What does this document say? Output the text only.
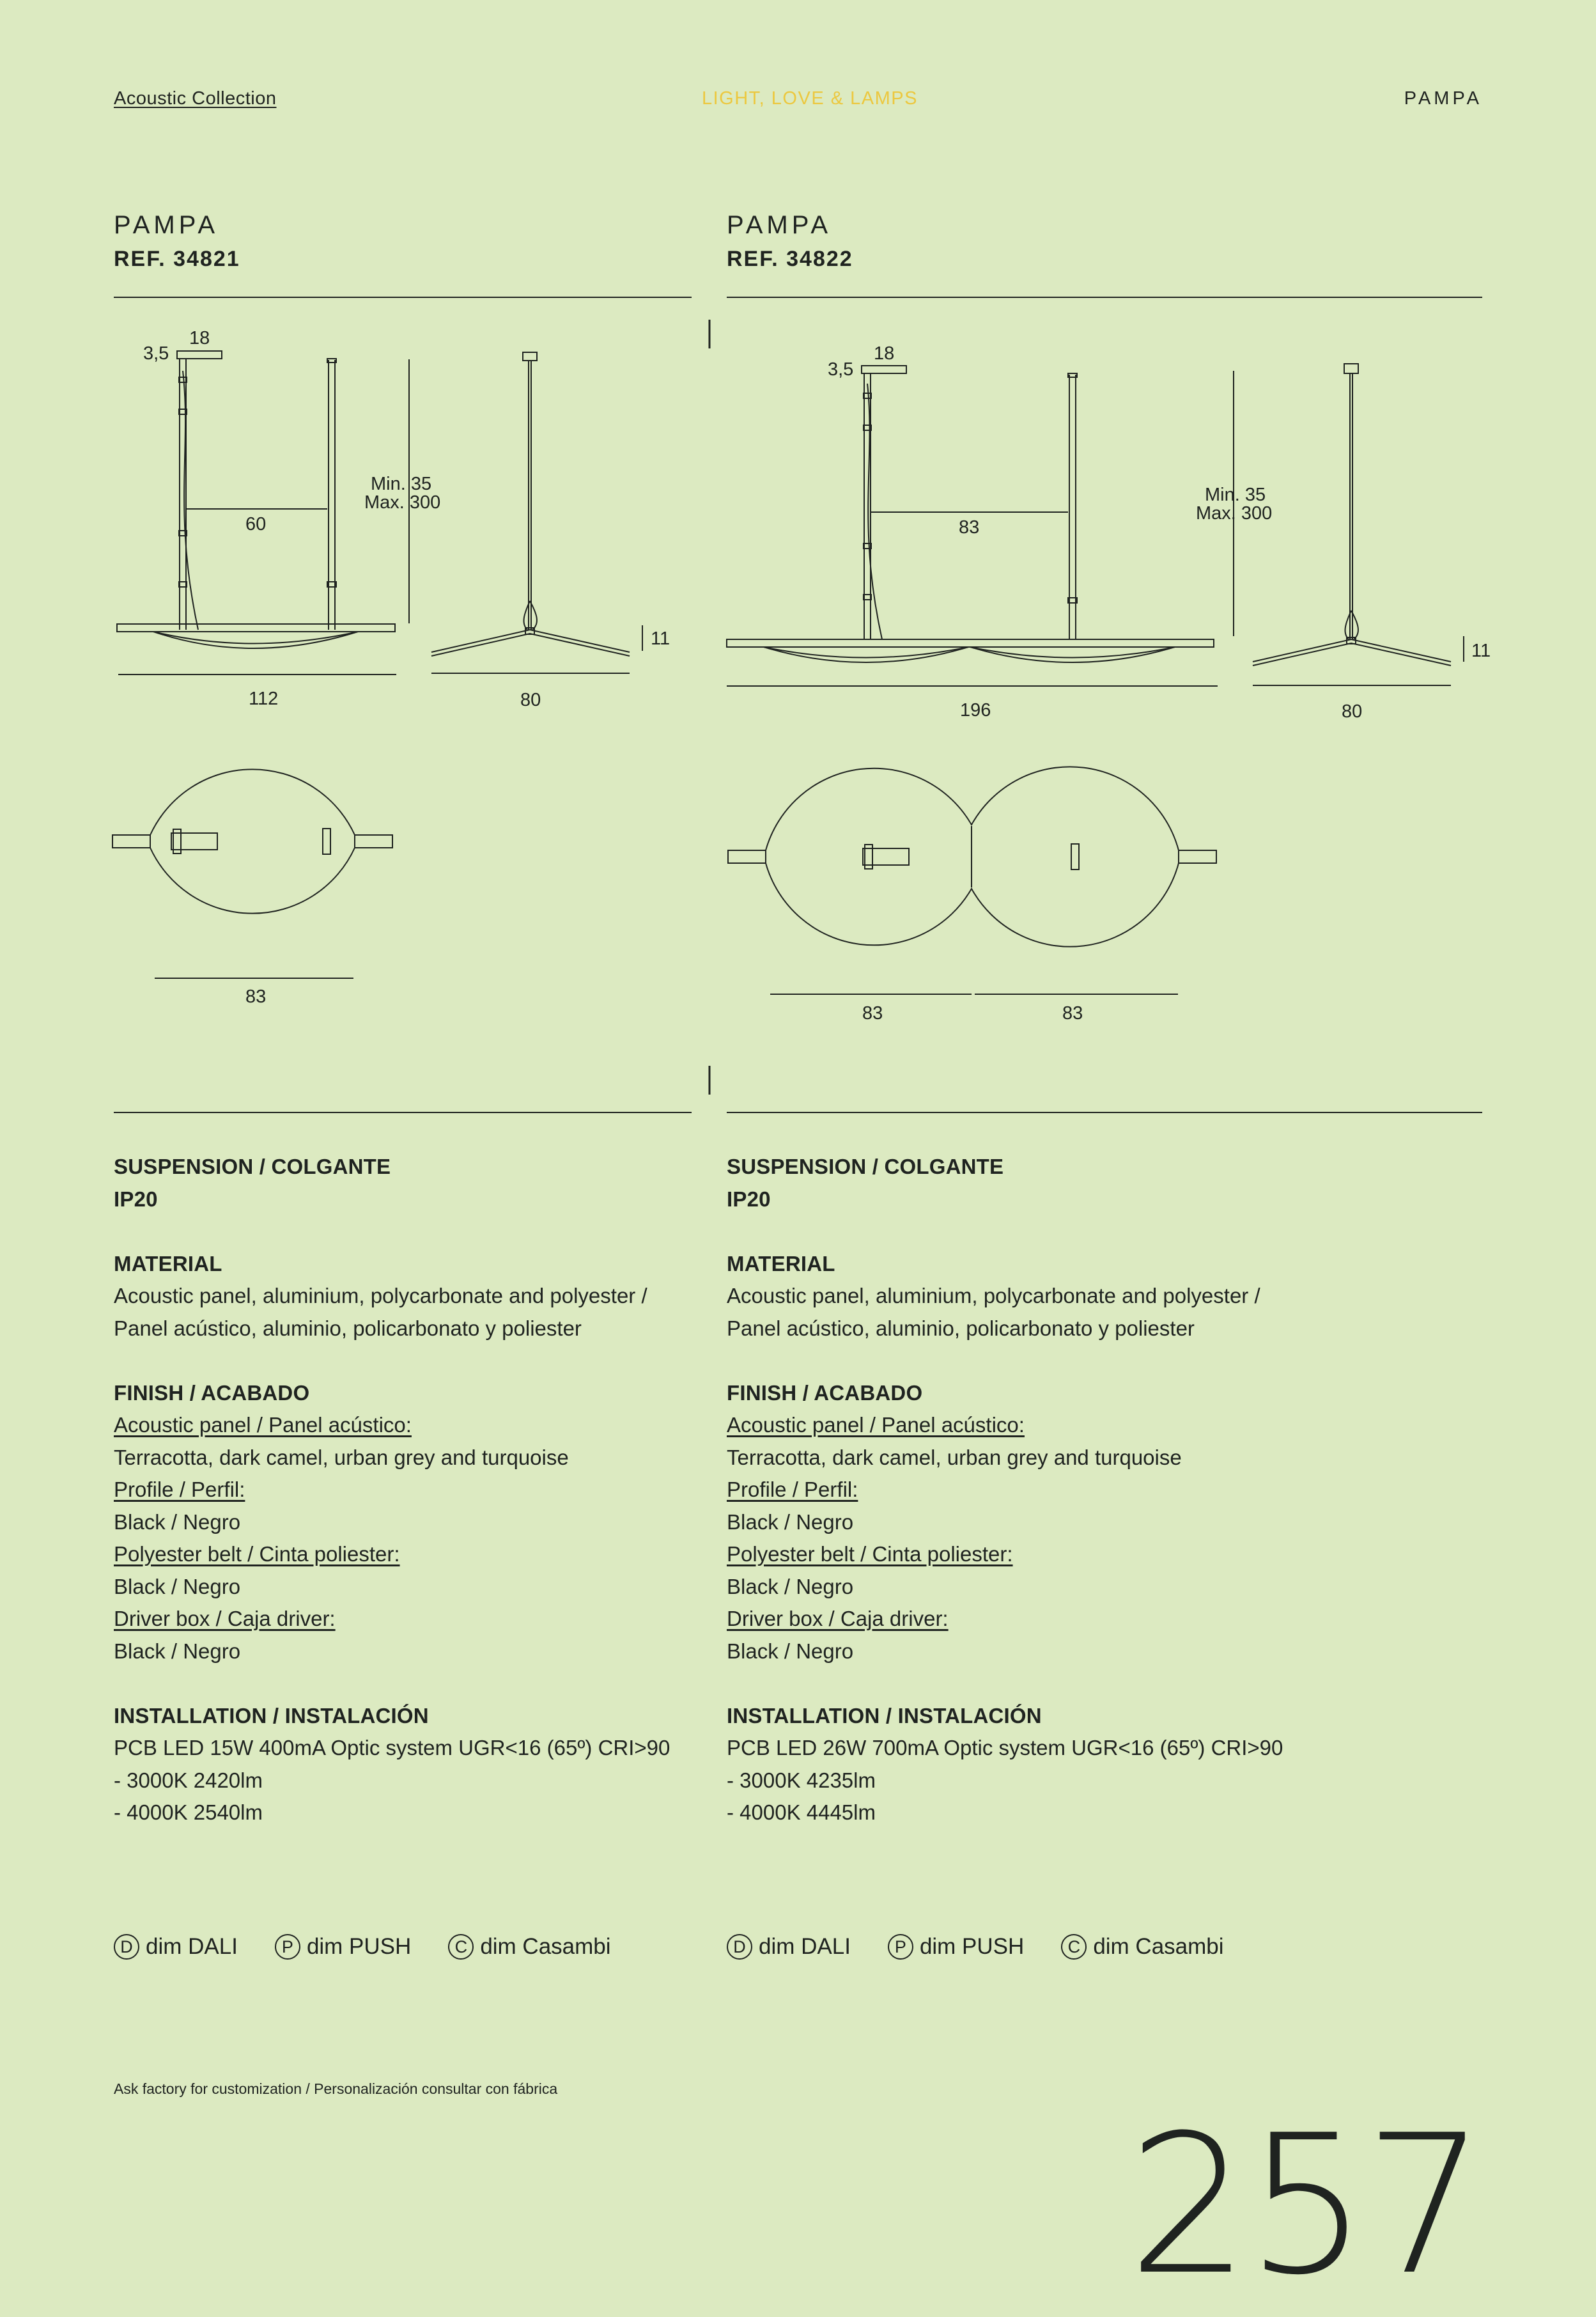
Acoustic Collection	LIGHT, LOVE & LAMPS	PAMPA
PAMPA
REF. 34821
PAMPA
REF. 34822
18
3,5
60
Min. 35
Max. 300
112	80
11
83
18
3,5
83
Min. 35
Max. 300
196	80
11
83	83
SUSPENSION / COLGANTE
IP20
MATERIAL
Acoustic panel, aluminium, polycarbonate and polyester /
Panel acústico, aluminio, policarbonato y poliester
FINISH / ACABADO
Acoustic panel / Panel acústico:
Terracotta, dark camel, urban grey and turquoise
Profile / Perfil:
Black / Negro
Polyester belt / Cinta poliester:
Black / Negro
Driver box / Caja driver:
Black / Negro
INSTALLATION / INSTALACIÓN
PCB LED 15W 400mA Optic system UGR<16 (65º) CRI>90
- 3000K 2420lm
- 4000K 2540lm
SUSPENSION / COLGANTE
IP20
MATERIAL
Acoustic panel, aluminium, polycarbonate and polyester /
Panel acústico, aluminio, policarbonato y poliester
FINISH / ACABADO
Acoustic panel / Panel acústico:
Terracotta, dark camel, urban grey and turquoise
Profile / Perfil:
Black / Negro
Polyester belt / Cinta poliester:
Black / Negro
Driver box / Caja driver:
Black / Negro
INSTALLATION / INSTALACIÓN
PCB LED 26W 700mA Optic system UGR<16 (65º) CRI>90
- 3000K 4235lm
- 4000K 4445lm
D dim DALI	P dim PUSH	C dim Casambi	D dim DALI	P dim PUSH	C dim Casambi
Ask factory for customization / Personalización consultar con fábrica
257
